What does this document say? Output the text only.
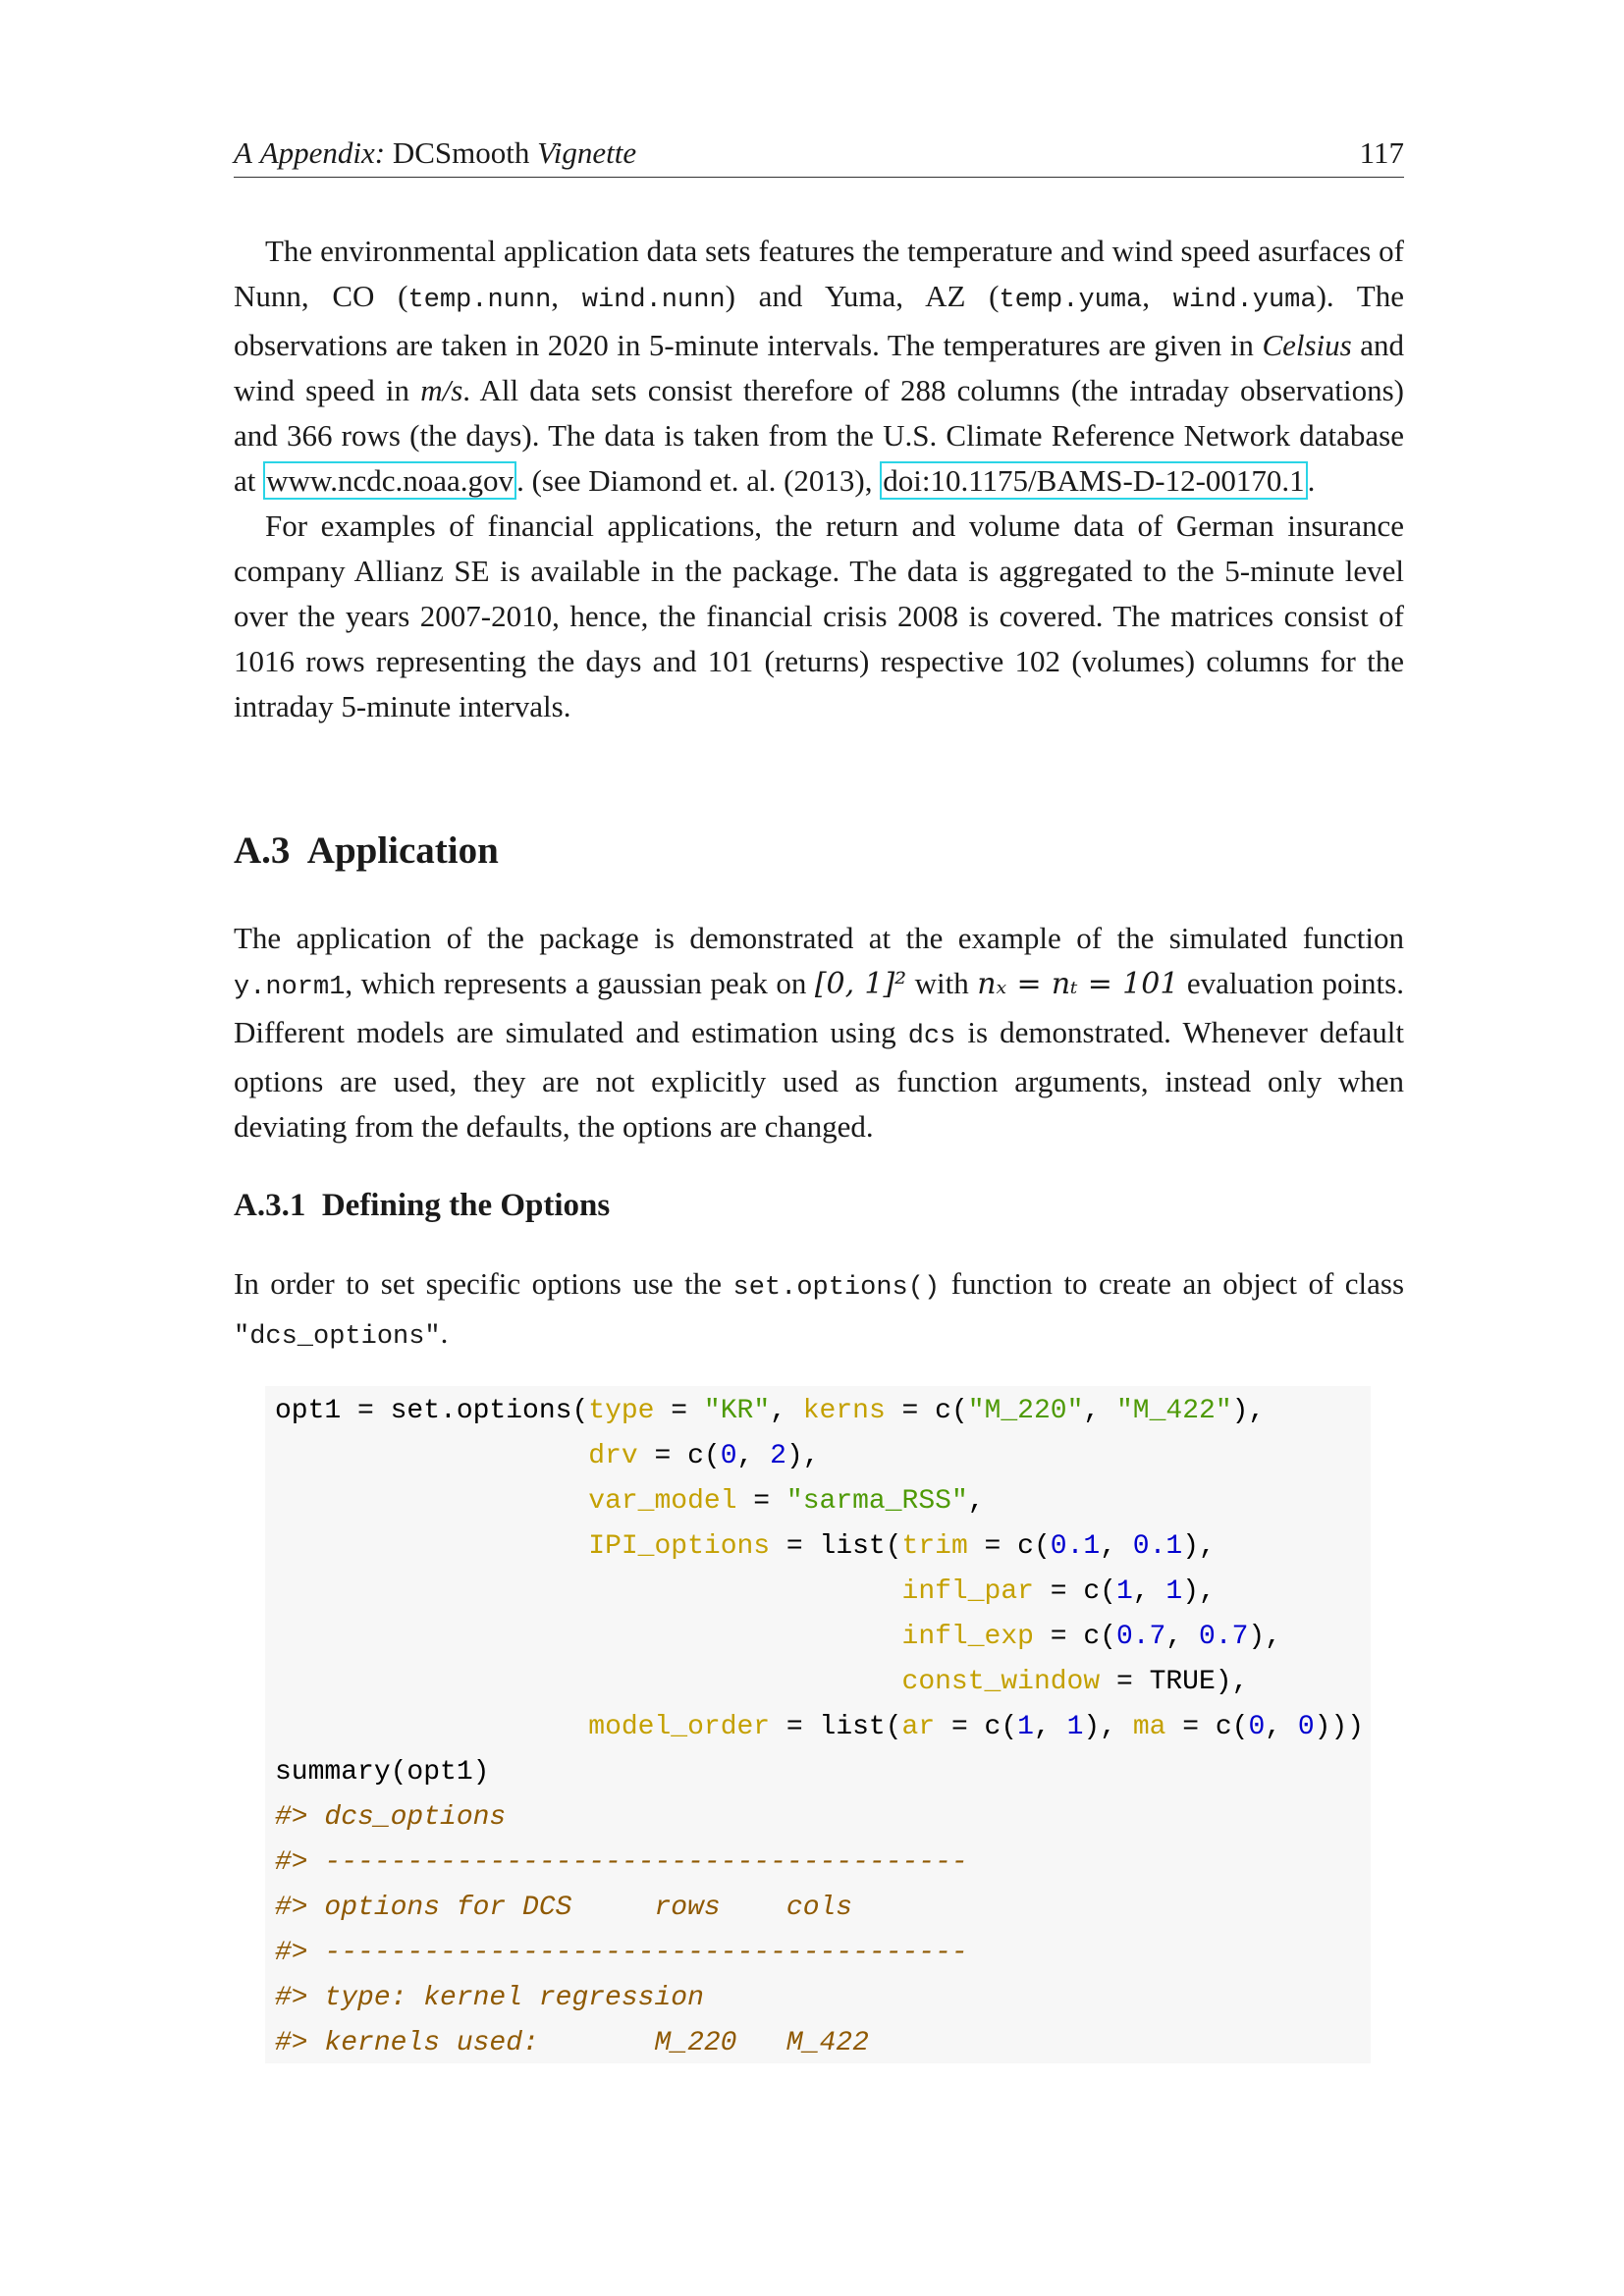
A Appendix: DCSmooth Vignette	117

The environmental application data sets features the temperature and wind speed asurfaces of Nunn, CO (temp.nunn, wind.nunn) and Yuma, AZ (temp.yuma, wind.yuma). The observations are taken in 2020 in 5-minute intervals. The temperatures are given in Celsius and wind speed in m/s. All data sets consist therefore of 288 columns (the intraday observations) and 366 rows (the days). The data is taken from the U.S. Climate Reference Network database at www.ncdc.noaa.gov. (see Diamond et. al. (2013), doi:10.1175/BAMS-D-12-00170.1.

For examples of financial applications, the return and volume data of German insurance company Allianz SE is available in the package. The data is aggregated to the 5-minute level over the years 2007-2010, hence, the financial crisis 2008 is covered. The matrices consist of 1016 rows representing the days and 101 (returns) respective 102 (volumes) columns for the intraday 5-minute intervals.

A.3 Application

The application of the package is demonstrated at the example of the simulated function y.norm1, which represents a gaussian peak on [0, 1]² with nₓ = nₜ = 101 evaluation points. Different models are simulated and estimation using dcs is demonstrated. Whenever default options are used, they are not explicitly used as function arguments, instead only when deviating from the defaults, the options are changed.

A.3.1 Defining the Options

In order to set specific options use the set.options() function to create an object of class "dcs_options".

opt1 = set.options(type = "KR", kerns = c("M_220", "M_422"),
drv = c(0, 2),
var_model = "sarma_RSS",
IPI_options = list(trim = c(0.1, 0.1),
infl_par = c(1, 1),
infl_exp = c(0.7, 0.7),
const_window = TRUE),
model_order = list(ar = c(1, 1), ma = c(0, 0)))
summary(opt1)
#> dcs_options
#> ---------------------------------------
#> options for DCS     rows    cols
#> ---------------------------------------
#> type: kernel regression
#> kernels used:       M_220   M_422
